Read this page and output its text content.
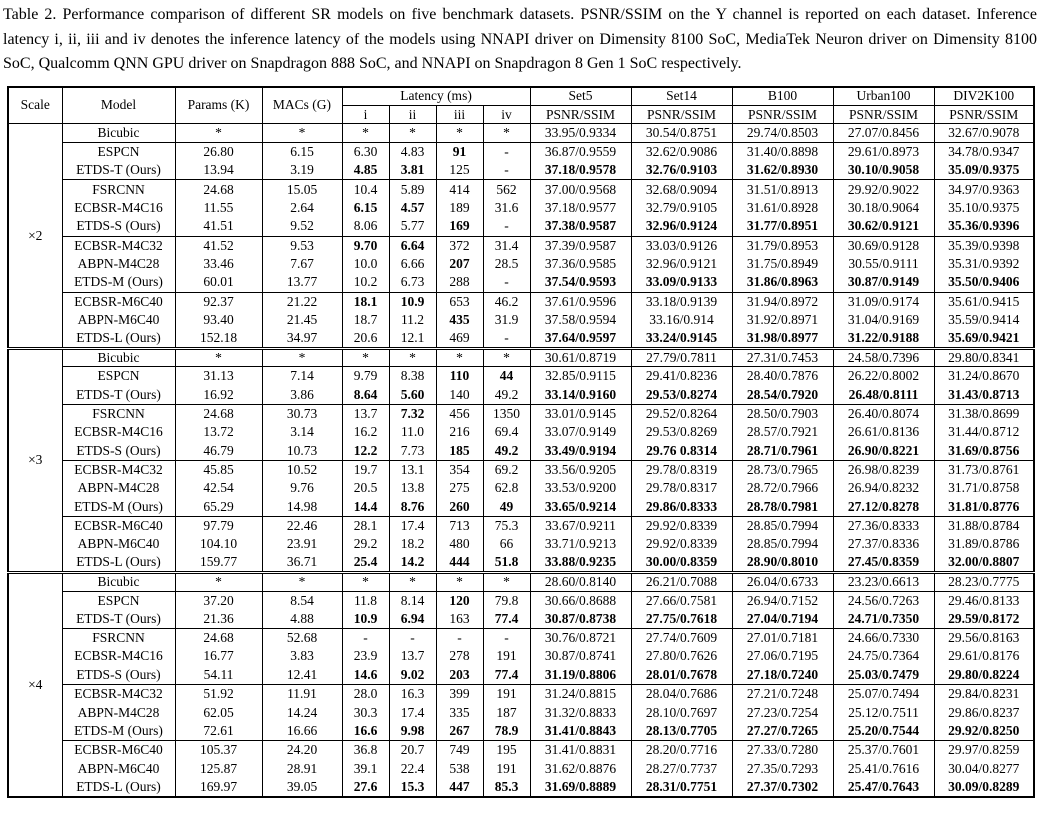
Table 2. Performance comparison of different SR models on five benchmark datasets. PSNR/SSIM on the Y channel is reported on each dataset. Inference latency i, ii, iii and iv denotes the inference latency of the models using NNAPI driver on Dimensity 8100 SoC, MediaTek Neuron driver on Dimensity 8100 SoC, Qualcomm QNN GPU driver on Snapdragon 888 SoC, and NNAPI on Snapdragon 8 Gen 1 SoC respectively.
Scale	Model	Params (K)	MACs (G)	Latency (ms)				Set5	Set14	B100	Urban100	DIV2K100
				i	ii	iii	iv	PSNR/SSIM	PSNR/SSIM	PSNR/SSIM	PSNR/SSIM	PSNR/SSIM
×2	Bicubic	*	*	*	*	*	*	33.95/0.9334	30.54/0.8751	29.74/0.8503	27.07/0.8456	32.67/0.9078
	ESPCN	26.80	6.15	6.30	4.83	91	-	36.87/0.9559	32.62/0.9086	31.40/0.8898	29.61/0.8973	34.78/0.9347
	ETDS-T (Ours)	13.94	3.19	4.85	3.81	125	-	37.18/0.9578	32.76/0.9103	31.62/0.8930	30.10/0.9058	35.09/0.9375
	FSRCNN	24.68	15.05	10.4	5.89	414	562	37.00/0.9568	32.68/0.9094	31.51/0.8913	29.92/0.9022	34.97/0.9363
	ECBSR-M4C16	11.55	2.64	6.15	4.57	189	31.6	37.18/0.9577	32.79/0.9105	31.61/0.8928	30.18/0.9064	35.10/0.9375
	ETDS-S (Ours)	41.51	9.52	8.06	5.77	169	-	37.38/0.9587	32.96/0.9124	31.77/0.8951	30.62/0.9121	35.36/0.9396
	ECBSR-M4C32	41.52	9.53	9.70	6.64	372	31.4	37.39/0.9587	33.03/0.9126	31.79/0.8953	30.69/0.9128	35.39/0.9398
	ABPN-M4C28	33.46	7.67	10.0	6.66	207	28.5	37.36/0.9585	32.96/0.9121	31.75/0.8949	30.55/0.9111	35.31/0.9392
	ETDS-M (Ours)	60.01	13.77	10.2	6.73	288	-	37.54/0.9593	33.09/0.9133	31.86/0.8963	30.87/0.9149	35.50/0.9406
	ECBSR-M6C40	92.37	21.22	18.1	10.9	653	46.2	37.61/0.9596	33.18/0.9139	31.94/0.8972	31.09/0.9174	35.61/0.9415
	ABPN-M6C40	93.40	21.45	18.7	11.2	435	31.9	37.58/0.9594	33.16/0.914	31.92/0.8971	31.04/0.9169	35.59/0.9414
	ETDS-L (Ours)	152.18	34.97	20.6	12.1	469	-	37.64/0.9597	33.24/0.9145	31.98/0.8977	31.22/0.9188	35.69/0.9421
×3	Bicubic	*	*	*	*	*	*	30.61/0.8719	27.79/0.7811	27.31/0.7453	24.58/0.7396	29.80/0.8341
	ESPCN	31.13	7.14	9.79	8.38	110	44	32.85/0.9115	29.41/0.8236	28.40/0.7876	26.22/0.8002	31.24/0.8670
	ETDS-T (Ours)	16.92	3.86	8.64	5.60	140	49.2	33.14/0.9160	29.53/0.8274	28.54/0.7920	26.48/0.8111	31.43/0.8713
	FSRCNN	24.68	30.73	13.7	7.32	456	1350	33.01/0.9145	29.52/0.8264	28.50/0.7903	26.40/0.8074	31.38/0.8699
	ECBSR-M4C16	13.72	3.14	16.2	11.0	216	69.4	33.07/0.9149	29.53/0.8269	28.57/0.7921	26.61/0.8136	31.44/0.8712
	ETDS-S (Ours)	46.79	10.73	12.2	7.73	185	49.2	33.49/0.9194	29.76 0.8314	28.71/0.7961	26.90/0.8221	31.69/0.8756
	ECBSR-M4C32	45.85	10.52	19.7	13.1	354	69.2	33.56/0.9205	29.78/0.8319	28.73/0.7965	26.98/0.8239	31.73/0.8761
	ABPN-M4C28	42.54	9.76	20.5	13.8	275	62.8	33.53/0.9200	29.78/0.8317	28.72/0.7966	26.94/0.8232	31.71/0.8758
	ETDS-M (Ours)	65.29	14.98	14.4	8.76	260	49	33.65/0.9214	29.86/0.8333	28.78/0.7981	27.12/0.8278	31.81/0.8776
	ECBSR-M6C40	97.79	22.46	28.1	17.4	713	75.3	33.67/0.9211	29.92/0.8339	28.85/0.7994	27.36/0.8333	31.88/0.8784
	ABPN-M6C40	104.10	23.91	29.2	18.2	480	66	33.71/0.9213	29.92/0.8339	28.85/0.7994	27.37/0.8336	31.89/0.8786
	ETDS-L (Ours)	159.77	36.71	25.4	14.2	444	51.8	33.88/0.9235	30.00/0.8359	28.90/0.8010	27.45/0.8359	32.00/0.8807
×4	Bicubic	*	*	*	*	*	*	28.60/0.8140	26.21/0.7088	26.04/0.6733	23.23/0.6613	28.23/0.7775
	ESPCN	37.20	8.54	11.8	8.14	120	79.8	30.66/0.8688	27.66/0.7581	26.94/0.7152	24.56/0.7263	29.46/0.8133
	ETDS-T (Ours)	21.36	4.88	10.9	6.94	163	77.4	30.87/0.8738	27.75/0.7618	27.04/0.7194	24.71/0.7350	29.59/0.8172
	FSRCNN	24.68	52.68	-	-	-	-	30.76/0.8721	27.74/0.7609	27.01/0.7181	24.66/0.7330	29.56/0.8163
	ECBSR-M4C16	16.77	3.83	23.9	13.7	278	191	30.87/0.8741	27.80/0.7626	27.06/0.7195	24.75/0.7364	29.61/0.8176
	ETDS-S (Ours)	54.11	12.41	14.6	9.02	203	77.4	31.19/0.8806	28.01/0.7678	27.18/0.7240	25.03/0.7479	29.80/0.8224
	ECBSR-M4C32	51.92	11.91	28.0	16.3	399	191	31.24/0.8815	28.04/0.7686	27.21/0.7248	25.07/0.7494	29.84/0.8231
	ABPN-M4C28	62.05	14.24	30.3	17.4	335	187	31.32/0.8833	28.10/0.7697	27.23/0.7254	25.12/0.7511	29.86/0.8237
	ETDS-M (Ours)	72.61	16.66	16.6	9.98	267	78.9	31.41/0.8843	28.13/0.7705	27.27/0.7265	25.20/0.7544	29.92/0.8250
	ECBSR-M6C40	105.37	24.20	36.8	20.7	749	195	31.41/0.8831	28.20/0.7716	27.33/0.7280	25.37/0.7601	29.97/0.8259
	ABPN-M6C40	125.87	28.91	39.1	22.4	538	191	31.62/0.8876	28.27/0.7737	27.35/0.7293	25.41/0.7616	30.04/0.8277
	ETDS-L (Ours)	169.97	39.05	27.6	15.3	447	85.3	31.69/0.8889	28.31/0.7751	27.37/0.7302	25.47/0.7643	30.09/0.8289
